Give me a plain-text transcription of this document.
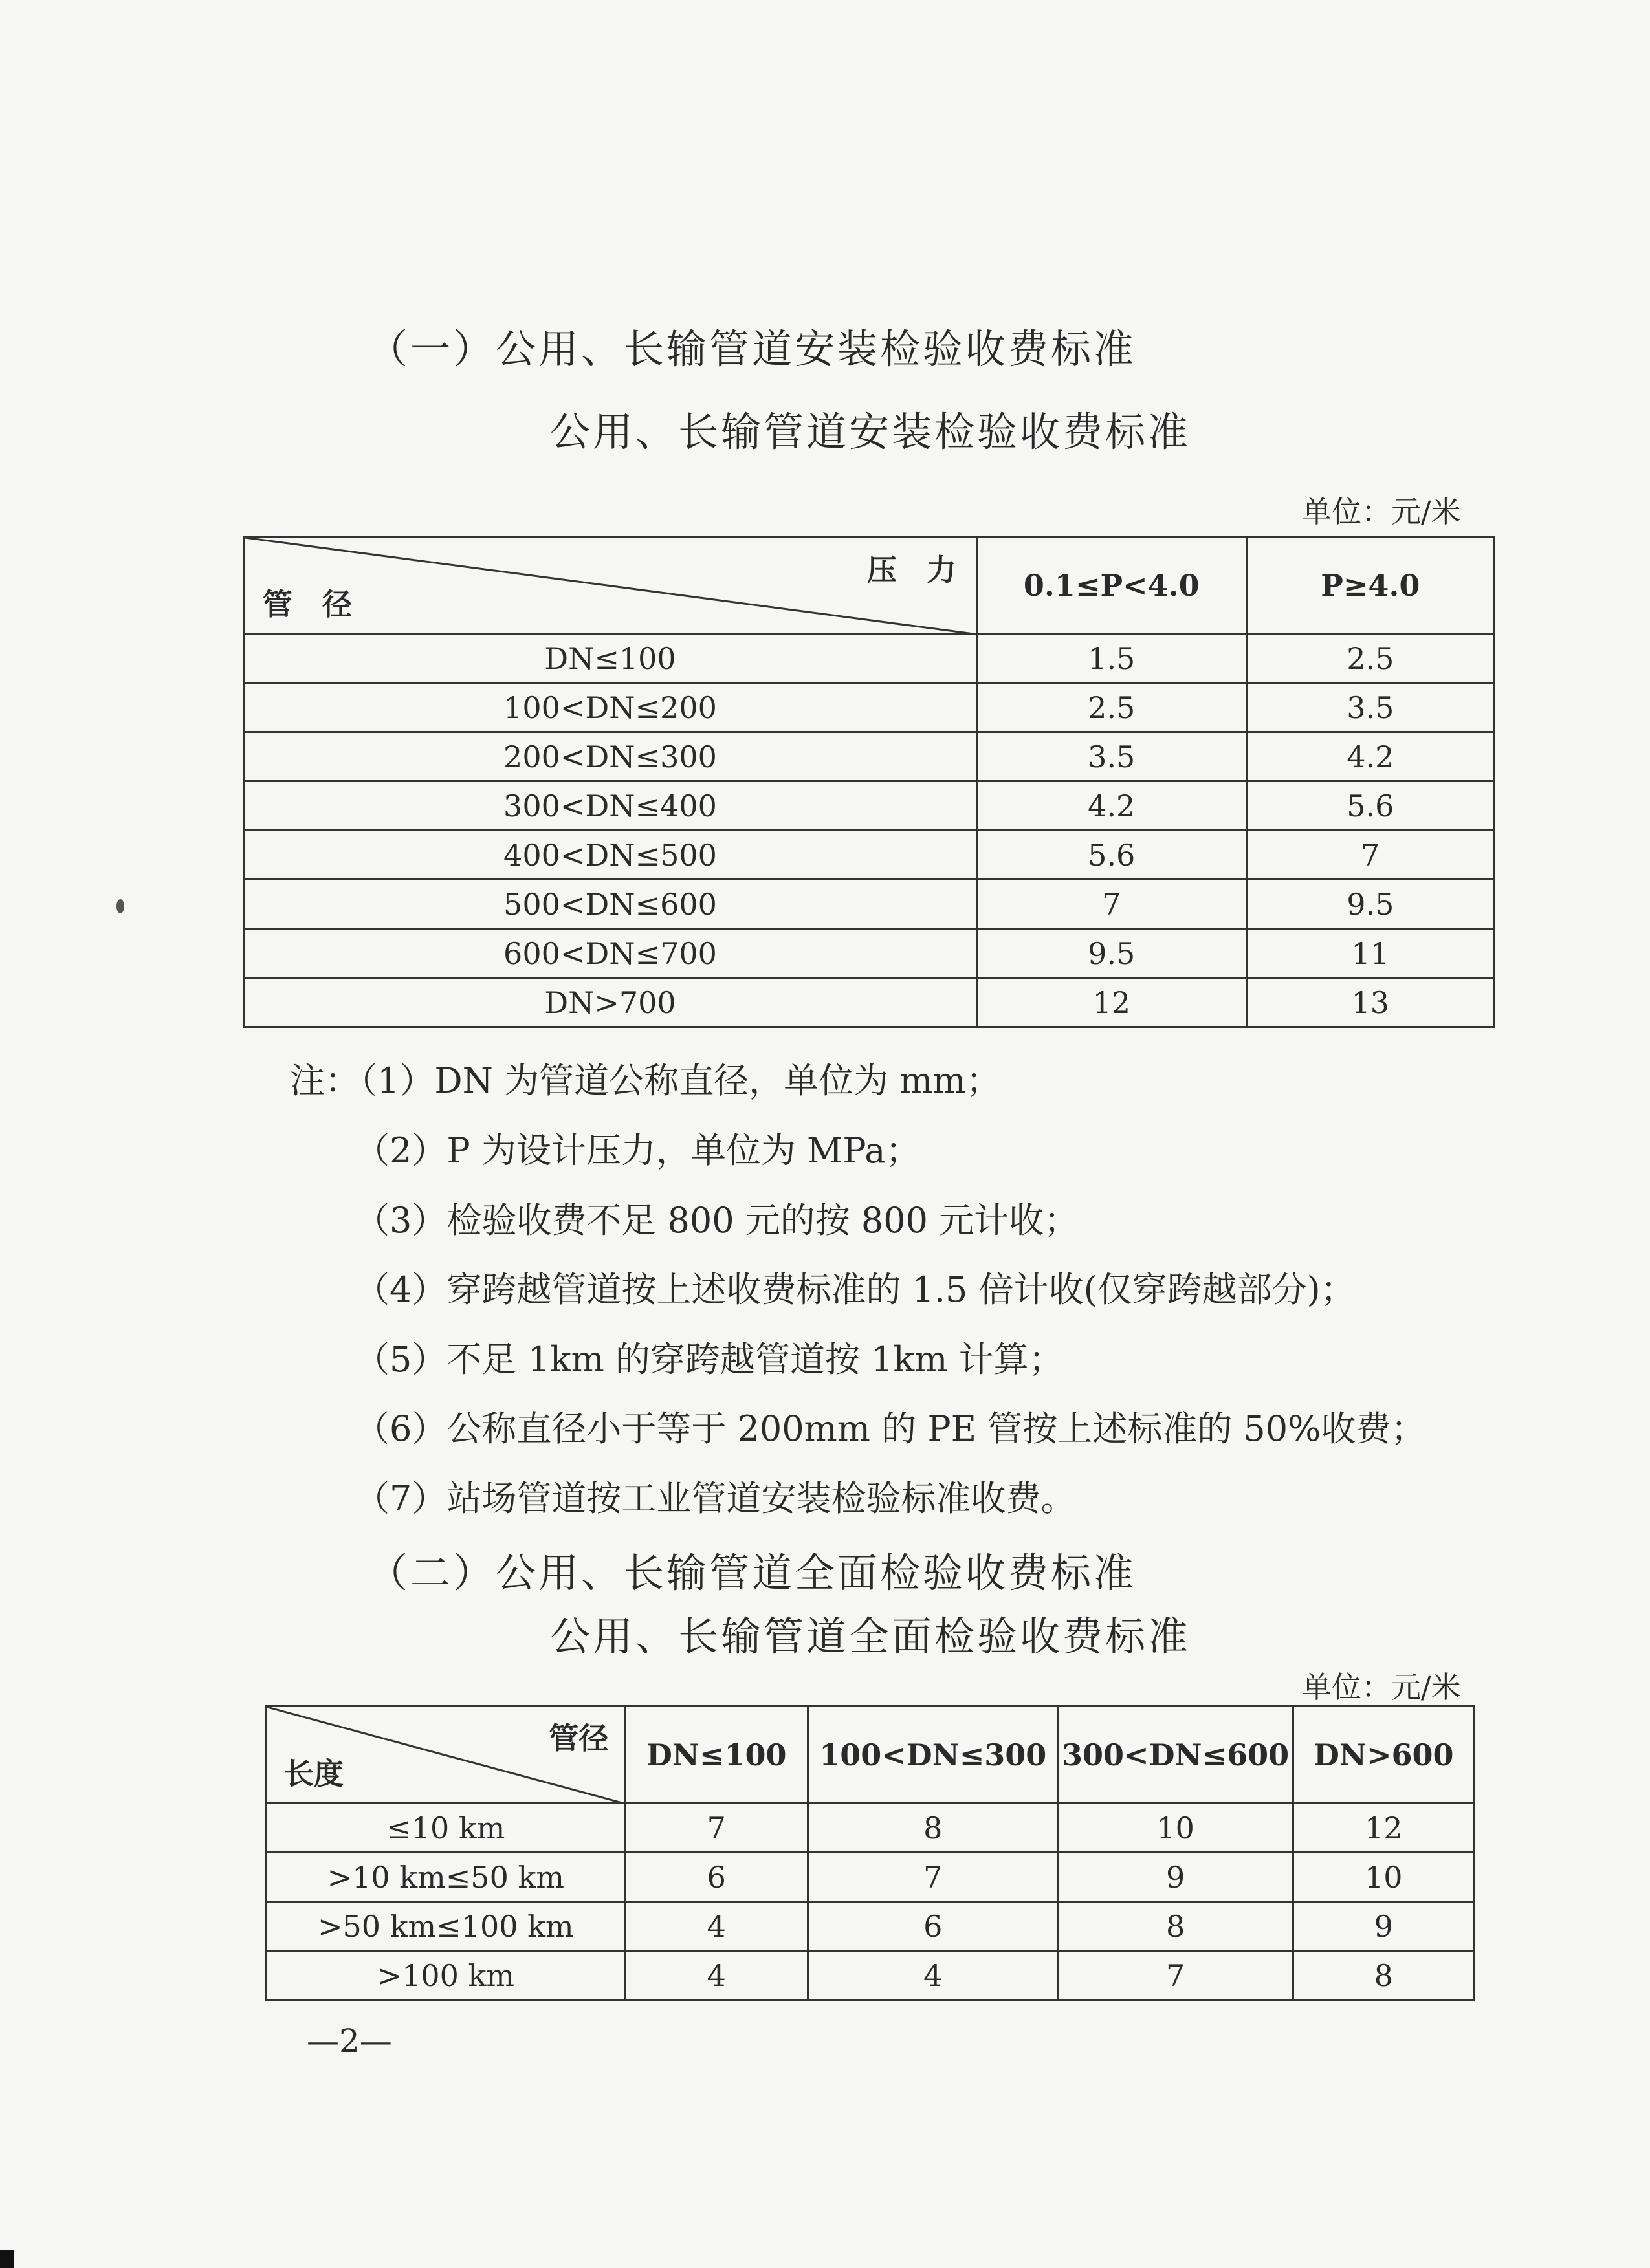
（一）公用、长输管道安装检验收费标准
公用、长输管道安装检验收费标准
单位：元/米
压　力
管　径	0.1≤P<4.0	P≥4.0
DN≤100	1.5	2.5
100<DN≤200	2.5	3.5
200<DN≤300	3.5	4.2
300<DN≤400	4.2	5.6
400<DN≤500	5.6	7
500<DN≤600	7	9.5
600<DN≤700	9.5	11
DN>700	12	13
注：（1）DN 为管道公称直径，单位为 mm；
（2）P 为设计压力，单位为 MPa；
（3）检验收费不足 800 元的按 800 元计收；
（4）穿跨越管道按上述收费标准的 1.5 倍计收(仅穿跨越部分)；
（5）不足 1km 的穿跨越管道按 1km 计算；
（6）公称直径小于等于 200mm 的 PE 管按上述标准的 50%收费；
（7）站场管道按工业管道安装检验标准收费。
（二）公用、长输管道全面检验收费标准
公用、长输管道全面检验收费标准
单位：元/米
管径
长度	DN≤100	100<DN≤300	300<DN≤600	DN>600
≤10 km	7	8	10	12
>10 km≤50 km	6	7	9	10
>50 km≤100 km	4	6	8	9
>100 km	4	4	7	8
—2—
